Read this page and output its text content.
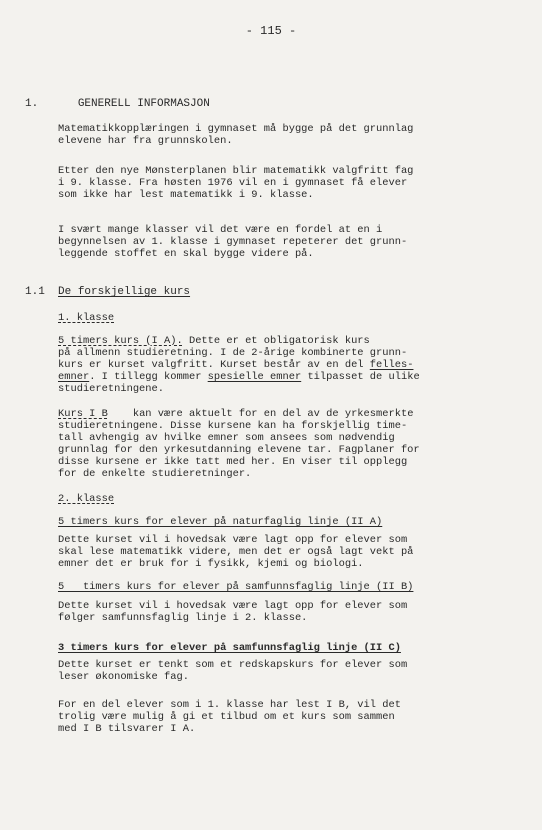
- 115 -
1.	GENERELL INFORMASJON
Matematikkopplæringen i gymnaset må bygge på det grunnlag
elevene har fra grunnskolen.
Etter den nye Mønsterplanen blir matematikk valgfritt fag
i 9. klasse. Fra høsten 1976 vil en i gymnaset få elever
som ikke har lest matematikk i 9. klasse.
I svært mange klasser vil det være en fordel at en i
begynnelsen av 1. klasse i gymnaset repeterer det grunn-
leggende stoffet en skal bygge videre på.
1.1 De forskjellige kurs
1. klasse
5 timers kurs (I A). Dette er et obligatorisk kurs
på allmenn studieretning. I de 2-årige kombinerte grunn-
kurs er kurset valgfritt. Kurset består av en del felles-
emner. I tillegg kommer spesielle emner tilpasset de ulike
studieretningene.
Kurs I B    kan være aktuelt for en del av de yrkesmerkte
studieretningene. Disse kursene kan ha forskjellig time-
tall avhengig av hvilke emner som ansees som nødvendig
grunnlag for den yrkesutdanning elevene tar. Fagplaner for
disse kursene er ikke tatt med her. En viser til opplegg
for de enkelte studieretninger.
2. klasse
5 timers kurs for elever på naturfaglig linje (II A)
Dette kurset vil i hovedsak være lagt opp for elever som
skal lese matematikk videre, men det er også lagt vekt på
emner det er bruk for i fysikk, kjemi og biologi.
5   timers kurs for elever på samfunnsfaglig linje (II B)
Dette kurset vil i hovedsak være lagt opp for elever som
følger samfunnsfaglig linje i 2. klasse.
3 timers kurs for elever på samfunnsfaglig linje (II C)
Dette kurset er tenkt som et redskapskurs for elever som
leser økonomiske fag.
For en del elever som i 1. klasse har lest I B, vil det
trolig være mulig å gi et tilbud om et kurs som sammen
med I B tilsvarer I A.
